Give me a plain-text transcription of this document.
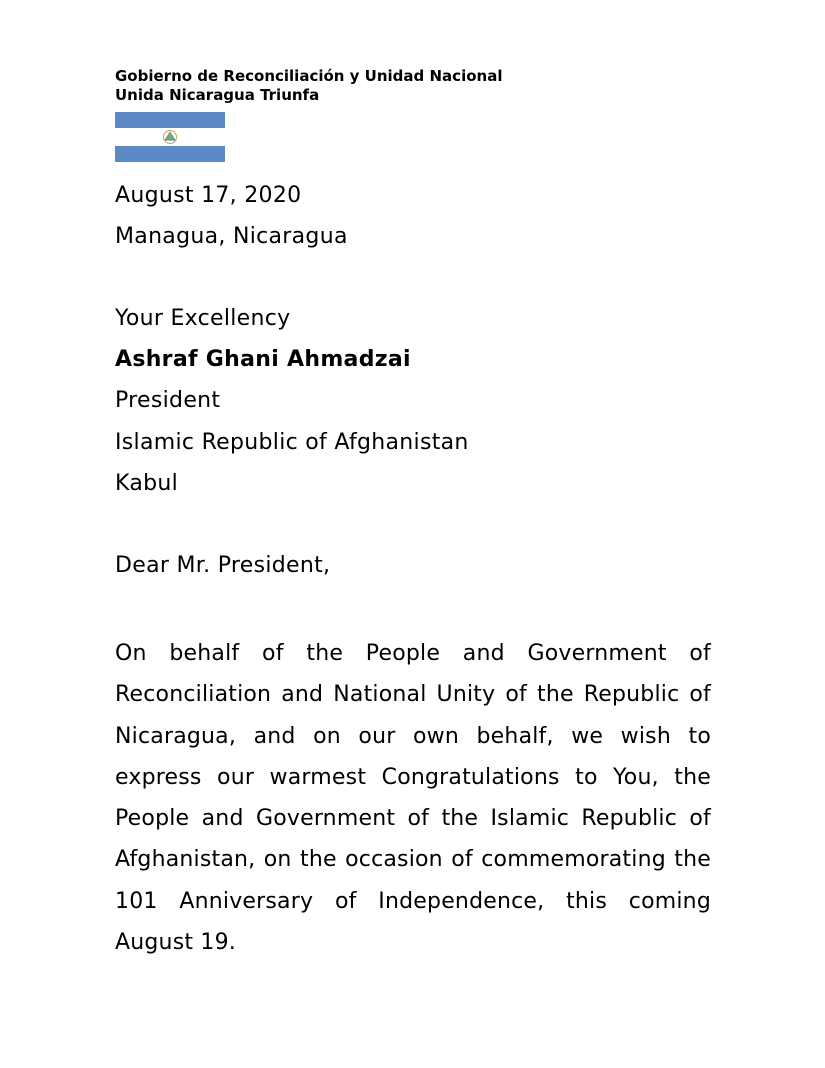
Gobierno de Reconciliación y Unidad Nacional
Unida Nicaragua Triunfa
August 17, 2020
Managua, Nicaragua
Your Excellency
Ashraf Ghani Ahmadzai
President
Islamic Republic of Afghanistan
Kabul
Dear Mr. President,
On behalf of the People and Government of Reconciliation and National Unity of the Republic of Nicaragua, and on our own behalf, we wish to express our warmest Congratulations to You, the People and Government of the Islamic Republic of Afghanistan, on the occasion of commemorating the 101 Anniversary of Independence, this coming August 19.
